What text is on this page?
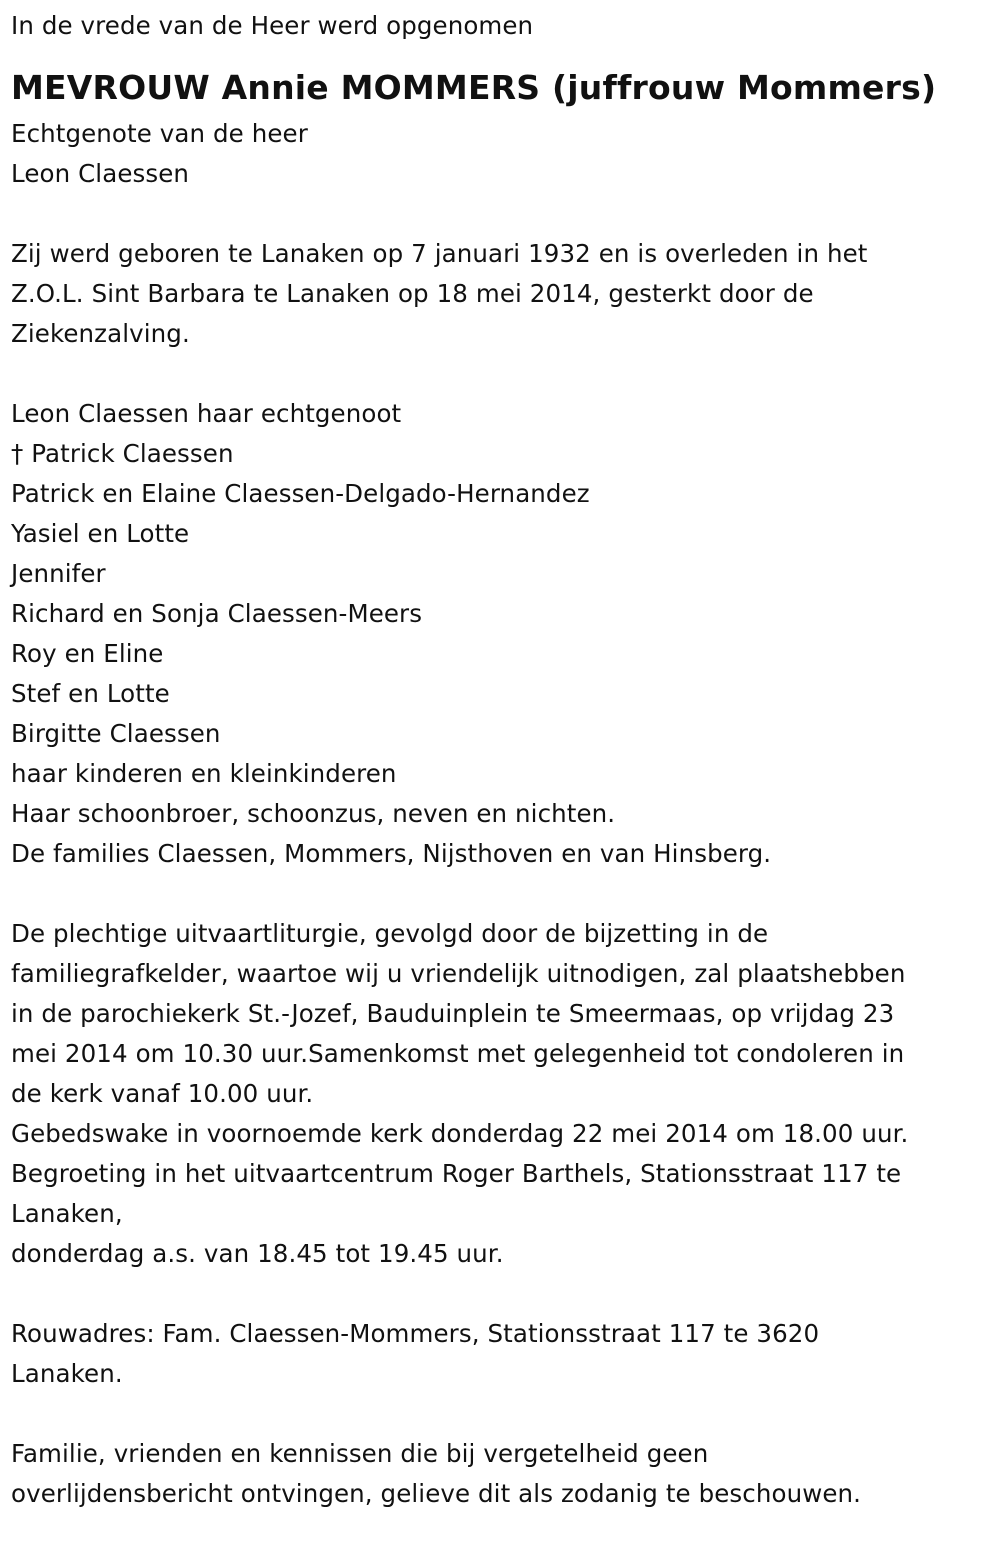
In de vrede van de Heer werd opgenomen
MEVROUW Annie MOMMERS (juffrouw Mommers)
Echtgenote van de heer
Leon Claessen
Zij werd geboren te Lanaken op 7 januari 1932 en is overleden in het
Z.O.L. Sint Barbara te Lanaken op 18 mei 2014, gesterkt door de
Ziekenzalving.
Leon Claessen haar echtgenoot
† Patrick Claessen
Patrick en Elaine Claessen-Delgado-Hernandez
Yasiel en Lotte
Jennifer
Richard en Sonja Claessen-Meers
Roy en Eline
Stef en Lotte
Birgitte Claessen
haar kinderen en kleinkinderen
Haar schoonbroer, schoonzus, neven en nichten.
De families Claessen, Mommers, Nijsthoven en van Hinsberg.
De plechtige uitvaartliturgie, gevolgd door de bijzetting in de
familiegrafkelder, waartoe wij u vriendelijk uitnodigen, zal plaatshebben
in de parochiekerk St.-Jozef, Bauduinplein te Smeermaas, op vrijdag 23
mei 2014 om 10.30 uur.Samenkomst met gelegenheid tot condoleren in
de kerk vanaf 10.00 uur.
Gebedswake in voornoemde kerk donderdag 22 mei 2014 om 18.00 uur.
Begroeting in het uitvaartcentrum Roger Barthels, Stationsstraat 117 te
Lanaken,
donderdag a.s. van 18.45 tot 19.45 uur.
Rouwadres: Fam. Claessen-Mommers, Stationsstraat 117 te 3620
Lanaken.
Familie, vrienden en kennissen die bij vergetelheid geen
overlijdensbericht ontvingen, gelieve dit als zodanig te beschouwen.
